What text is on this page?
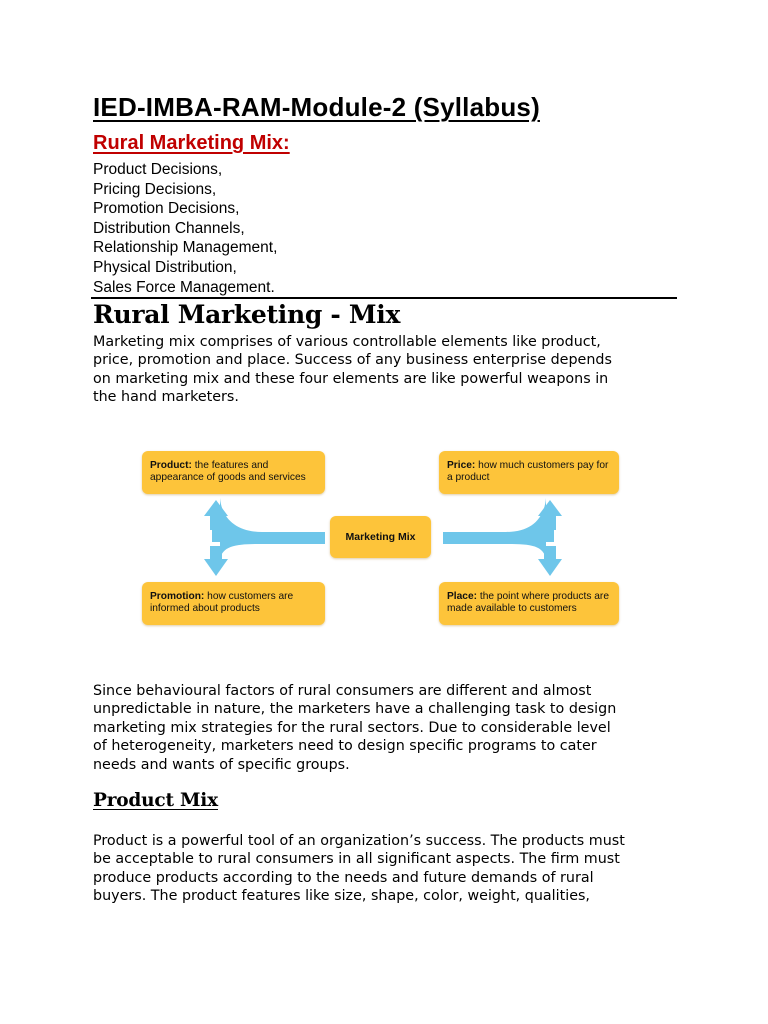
IED-IMBA-RAM-Module-2 (Syllabus)
Rural Marketing Mix:
Product Decisions,
Pricing Decisions,
Promotion Decisions,
Distribution Channels,
Relationship Management,
Physical Distribution,
Sales Force Management.
Rural Marketing - Mix

Marketing mix comprises of various controllable elements like product,
price, promotion and place. Success of any business enterprise depends
on marketing mix and these four elements are like powerful weapons in
the hand marketers.

Product: the features and appearance of goods and services
Price: how much customers pay for a product
Marketing Mix
Promotion: how customers are informed about products
Place: the point where products are made available to customers

Since behavioural factors of rural consumers are different and almost
unpredictable in nature, the marketers have a challenging task to design
marketing mix strategies for the rural sectors. Due to considerable level
of heterogeneity, marketers need to design specific programs to cater
needs and wants of specific groups.

Product Mix

Product is a powerful tool of an organization’s success. The products must
be acceptable to rural consumers in all significant aspects. The firm must
produce products according to the needs and future demands of rural
buyers. The product features like size, shape, color, weight, qualities,
